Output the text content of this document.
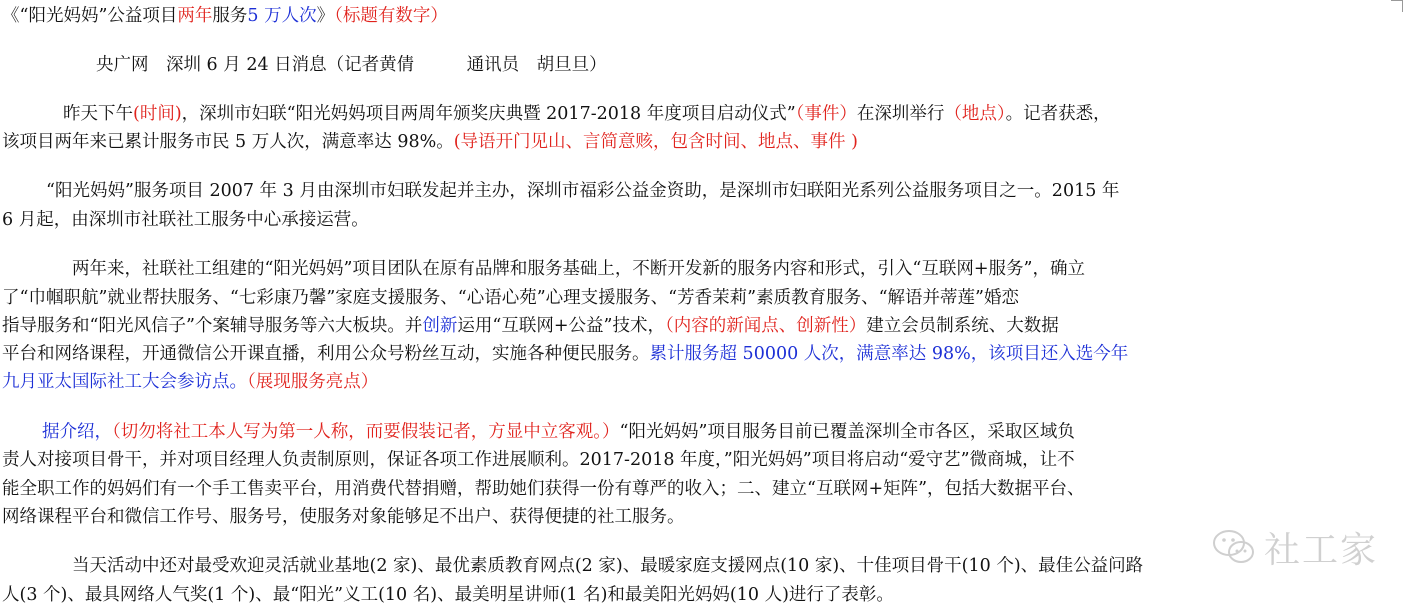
《“阳光妈妈”公益项目两年服务5 万人次》（标题有数字）
央广网　深圳 6 月 24 日消息（记者黄倩　　　通讯员　胡旦旦）
昨天下午(时间)，深圳市妇联“阳光妈妈项目两周年颁奖庆典暨 2017-2018 年度项目启动仪式”（事件）在深圳举行（地点）。记者获悉，
该项目两年来已累计服务市民 5 万人次，满意率达 98%。(导语开门见山、言简意赅，包含时间、地点、事件 )
“阳光妈妈”服务项目 2007 年 3 月由深圳市妇联发起并主办，深圳市福彩公益金资助，是深圳市妇联阳光系列公益服务项目之一。2015 年
6 月起，由深圳市社联社工服务中心承接运营。
两年来，社联社工组建的“阳光妈妈”项目团队在原有品牌和服务基础上，不断开发新的服务内容和形式，引入“互联网+服务”，确立
了“巾帼职航”就业帮扶服务、“七彩康乃馨”家庭支援服务、“心语心苑”心理支援服务、“芳香茉莉”素质教育服务、“解语并蒂莲”婚恋
指导服务和“阳光风信子”个案辅导服务等六大板块。并创新运用“互联网+公益”技术，（内容的新闻点、创新性）建立会员制系统、大数据
平台和网络课程，开通微信公开课直播，利用公众号粉丝互动，实施各种便民服务。累计服务超 50000 人次，满意率达 98%，该项目还入选今年
九月亚太国际社工大会参访点。（展现服务亮点）
据介绍，（切勿将社工本人写为第一人称，而要假装记者，方显中立客观。）“阳光妈妈”项目服务目前已覆盖深圳全市各区，采取区域负
责人对接项目骨干，并对项目经理人负责制原则，保证各项工作进展顺利。2017-2018 年度，”阳光妈妈”项目将启动“爱守艺”微商城，让不
能全职工作的妈妈们有一个手工售卖平台，用消费代替捐赠，帮助她们获得一份有尊严的收入；二、建立“互联网+矩阵”，包括大数据平台、
网络课程平台和微信工作号、服务号，使服务对象能够足不出户、获得便捷的社工服务。
当天活动中还对最受欢迎灵活就业基地(2 家)、最优素质教育网点(2 家)、最暖家庭支援网点(10 家)、十佳项目骨干(10 个)、最佳公益问路
人(3 个)、最具网络人气奖(1 个)、最“阳光”义工(10 名)、最美明星讲师(1 名)和最美阳光妈妈(10 人)进行了表彰。
社工家
